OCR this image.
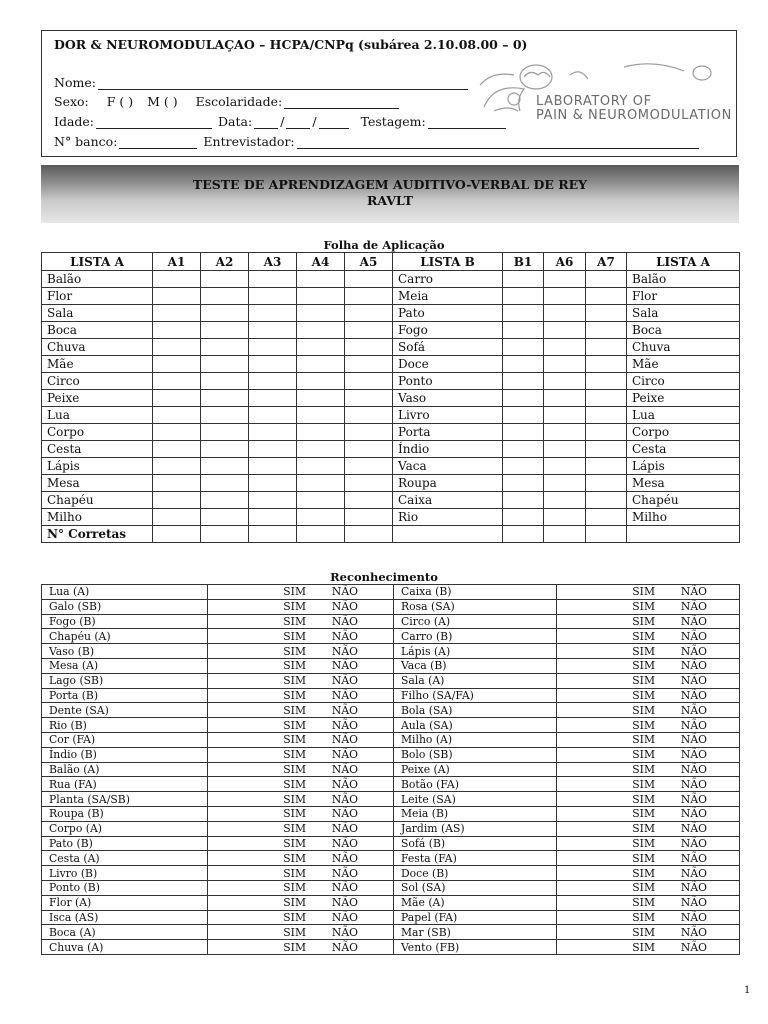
DOR & NEUROMODULAÇAO – HCPA/CNPq (subárea 2.10.08.00 – 0)
Nome:
Sexo: F ( ) M ( ) Escolaridade:
Idade:	Data: / /	Testagem:
N° banco:	Entrevistador:
LABORATORY OF
PAIN & NEUROMODULATION
TESTE DE APRENDIZAGEM AUDITIVO-VERBAL DE REY
RAVLT
Folha de Aplicação
LISTA A	A1	A2	A3	A4	A5	LISTA B	B1	A6	A7	LISTA A
Balão						Carro				Balão
Flor						Meia				Flor
Sala						Pato				Sala
Boca						Fogo				Boca
Chuva						Sofá				Chuva
Mãe						Doce				Mãe
Circo						Ponto				Circo
Peixe						Vaso				Peixe
Lua						Livro				Lua
Corpo						Porta				Corpo
Cesta						Índio				Cesta
Lápis						Vaca				Lápis
Mesa						Roupa				Mesa
Chapéu						Caixa				Chapéu
Milho						Rio				Milho
N° Corretas										
Reconhecimento
Lua (A)	SIM NÃO	Caixa (B)	SIM NÃO

Galo (SB)	SIM NÃO	Rosa (SA)	SIM NÃO

Fogo (B)	SIM NÃO	Circo (A)	SIM NÃO

Chapéu (A)	SIM NÃO	Carro (B)	SIM NÃO

Vaso (B)	SIM NÃO	Lápis (A)	SIM NÃO

Mesa (A)	SIM NÃO	Vaca (B)	SIM NÃO

Lago (SB)	SIM NÃO	Sala (A)	SIM NÃO

Porta (B)	SIM NÃO	Filho (SA/FA)	SIM NÃO

Dente (SA)	SIM NÃO	Bola (SA)	SIM NÃO

Rio (B)	SIM NÃO	Aula (SA)	SIM NÃO

Cor (FA)	SIM NÃO	Milho (A)	SIM NÃO

Índio (B)	SIM NÃO	Bolo (SB)	SIM NÃO

Balão (A)	SIM NÃO	Peixe (A)	SIM NÃO

Rua (FA)	SIM NÃO	Botão (FA)	SIM NÃO

Planta (SA/SB)	SIM NÃO	Leite (SA)	SIM NÃO

Roupa (B)	SIM NÃO	Meia (B)	SIM NÃO

Corpo (A)	SIM NÃO	Jardim (AS)	SIM NÃO

Pato (B)	SIM NÃO	Sofá (B)	SIM NÃO

Cesta (A)	SIM NÃO	Festa (FA)	SIM NÃO

Livro (B)	SIM NÃO	Doce (B)	SIM NÃO

Ponto (B)	SIM NÃO	Sol (SA)	SIM NÃO

Flor (A)	SIM NÃO	Mãe (A)	SIM NÃO

Isca (AS)	SIM NÃO	Papel (FA)	SIM NÃO

Boca (A)	SIM NÃO	Mar (SB)	SIM NÃO

Chuva (A)	SIM NÃO	Vento (FB)	SIM NÃO
1
